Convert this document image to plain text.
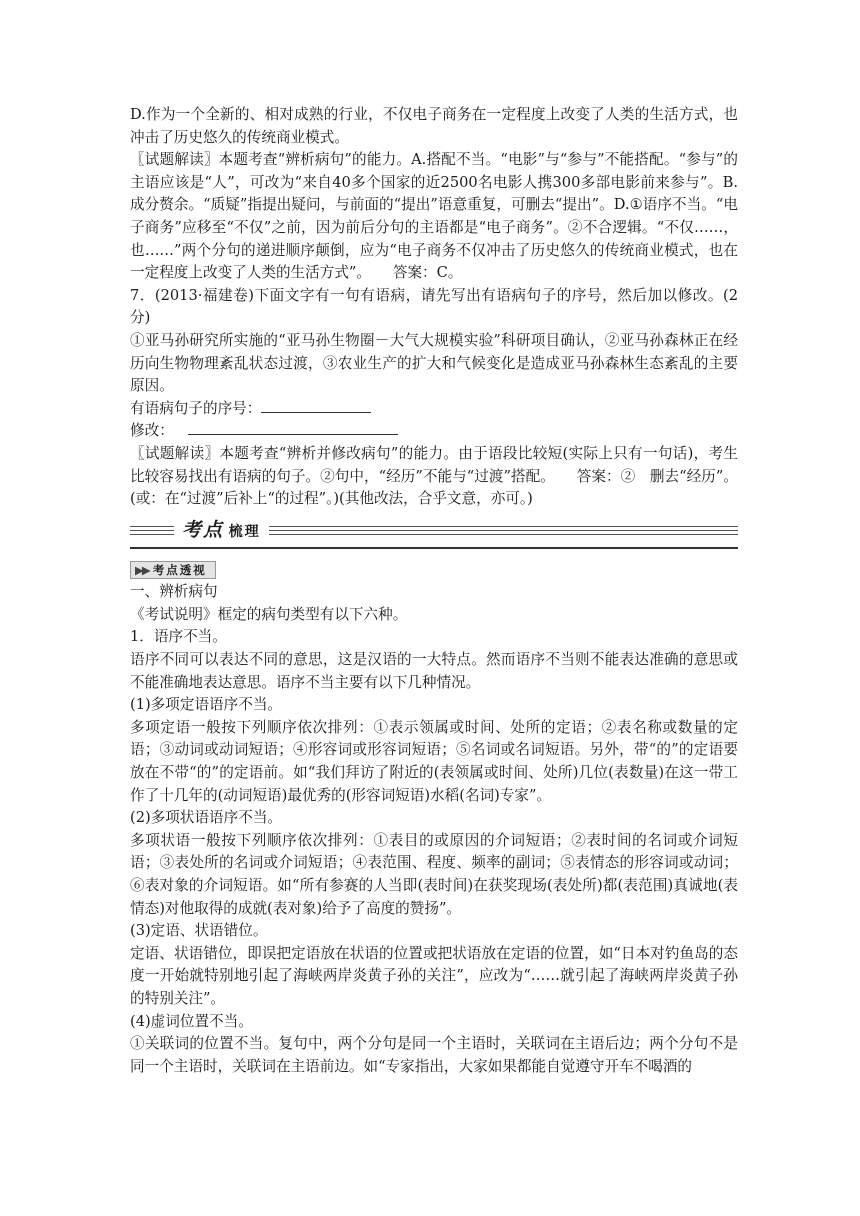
D.作为一个全新的、相对成熟的行业，不仅电子商务在一定程度上改变了人类的生活方式，也冲击了历史悠久的传统商业模式。

〖试题解读〗本题考查“辨析病句”的能力。A.搭配不当。“电影”与“参与”不能搭配。“参与”的主语应该是“人”，可改为“来自40多个国家的近2500名电影人携300多部电影前来参与”。B.成分赘余。“质疑”指提出疑问，与前面的“提出”语意重复，可删去“提出”。D.①语序不当。“电子商务”应移至“不仅”之前，因为前后分句的主语都是“电子商务”。②不合逻辑。“不仅……，也……”两个分句的递进顺序颠倒，应为“电子商务不仅冲击了历史悠久的传统商业模式，也在一定程度上改变了人类的生活方式”。　　答案：C。

7．(2013·福建卷)下面文字有一句有语病，请先写出有语病句子的序号，然后加以修改。(2分)

①亚马孙研究所实施的“亚马孙生物圈－大气大规模实验”科研项目确认，②亚马孙森林正在经历向生物物理紊乱状态过渡，③农业生产的扩大和气候变化是造成亚马孙森林生态紊乱的主要原因。

有语病句子的序号：

修改：

〖试题解读〗本题考查“辨析并修改病句”的能力。由于语段比较短(实际上只有一句话)，考生比较容易找出有语病的句子。②句中，“经历”不能与“过渡”搭配。　　答案：②　删去“经历”。(或：在“过渡”后补上“的过程”。)(其他改法，合乎文意，亦可。)

考点 梳理
▶▶ 考点透视

一、辨析病句

《考试说明》框定的病句类型有以下六种。

1．语序不当。

语序不同可以表达不同的意思，这是汉语的一大特点。然而语序不当则不能表达准确的意思或不能准确地表达意思。语序不当主要有以下几种情况。

(1)多项定语语序不当。

多项定语一般按下列顺序依次排列：①表示领属或时间、处所的定语；②表名称或数量的定语；③动词或动词短语；④形容词或形容词短语；⑤名词或名词短语。另外，带“的”的定语要放在不带“的”的定语前。如“我们拜访了附近的(表领属或时间、处所)几位(表数量)在这一带工作了十几年的(动词短语)最优秀的(形容词短语)水稻(名词)专家”。

(2)多项状语语序不当。

多项状语一般按下列顺序依次排列：①表目的或原因的介词短语；②表时间的名词或介词短语；③表处所的名词或介词短语；④表范围、程度、频率的副词；⑤表情态的形容词或动词；⑥表对象的介词短语。如“所有参赛的人当即(表时间)在获奖现场(表处所)都(表范围)真诚地(表情态)对他取得的成就(表对象)给予了高度的赞扬”。

(3)定语、状语错位。

定语、状语错位，即误把定语放在状语的位置或把状语放在定语的位置，如“日本对钓鱼岛的态度一开始就特别地引起了海峡两岸炎黄子孙的关注”，应改为“……就引起了海峡两岸炎黄子孙的特别关注”。

(4)虚词位置不当。

①关联词的位置不当。复句中，两个分句是同一个主语时，关联词在主语后边；两个分句不是同一个主语时，关联词在主语前边。如“专家指出，大家如果都能自觉遵守开车不喝酒的
